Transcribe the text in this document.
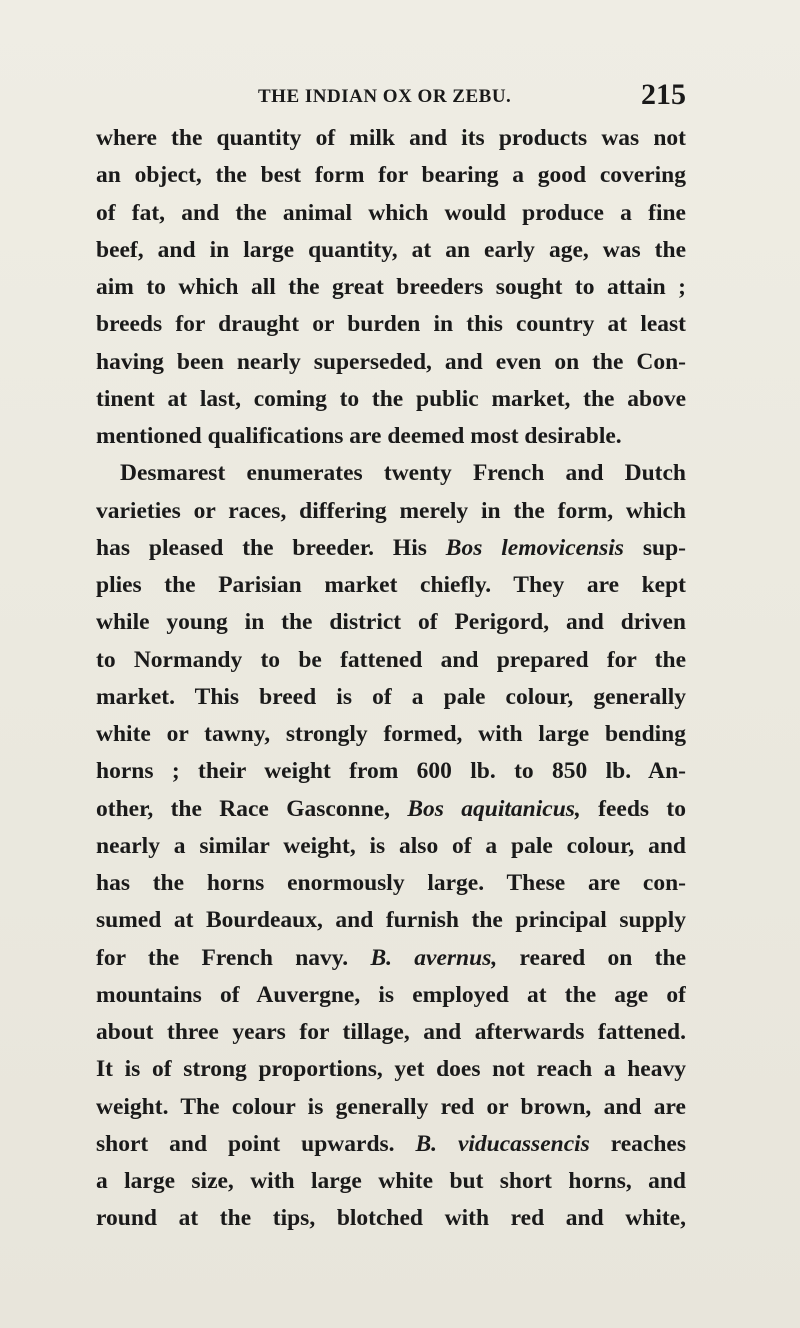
THE INDIAN OX OR ZEBU.	215
where the quantity of milk and its products was not
an object, the best form for bearing a good covering
of fat, and the animal which would produce a fine
beef, and in large quantity, at an early age, was the
aim to which all the great breeders sought to attain ;
breeds for draught or burden in this country at least
having been nearly superseded, and even on the Con-
tinent at last, coming to the public market, the above
mentioned qualifications are deemed most desirable.
Desmarest enumerates twenty French and Dutch
varieties or races, differing merely in the form, which
has pleased the breeder. His Bos lemovicensis sup-
plies the Parisian market chiefly. They are kept
while young in the district of Perigord, and driven
to Normandy to be fattened and prepared for the
market. This breed is of a pale colour, generally
white or tawny, strongly formed, with large bending
horns ; their weight from 600 lb. to 850 lb. An-
other, the Race Gasconne, Bos aquitanicus, feeds to
nearly a similar weight, is also of a pale colour, and
has the horns enormously large. These are con-
sumed at Bourdeaux, and furnish the principal supply
for the French navy. B. avernus, reared on the
mountains of Auvergne, is employed at the age of
about three years for tillage, and afterwards fattened.
It is of strong proportions, yet does not reach a heavy
weight. The colour is generally red or brown, and are
short and point upwards. B. viducassencis reaches
a large size, with large white but short horns, and
round at the tips, blotched with red and white,
